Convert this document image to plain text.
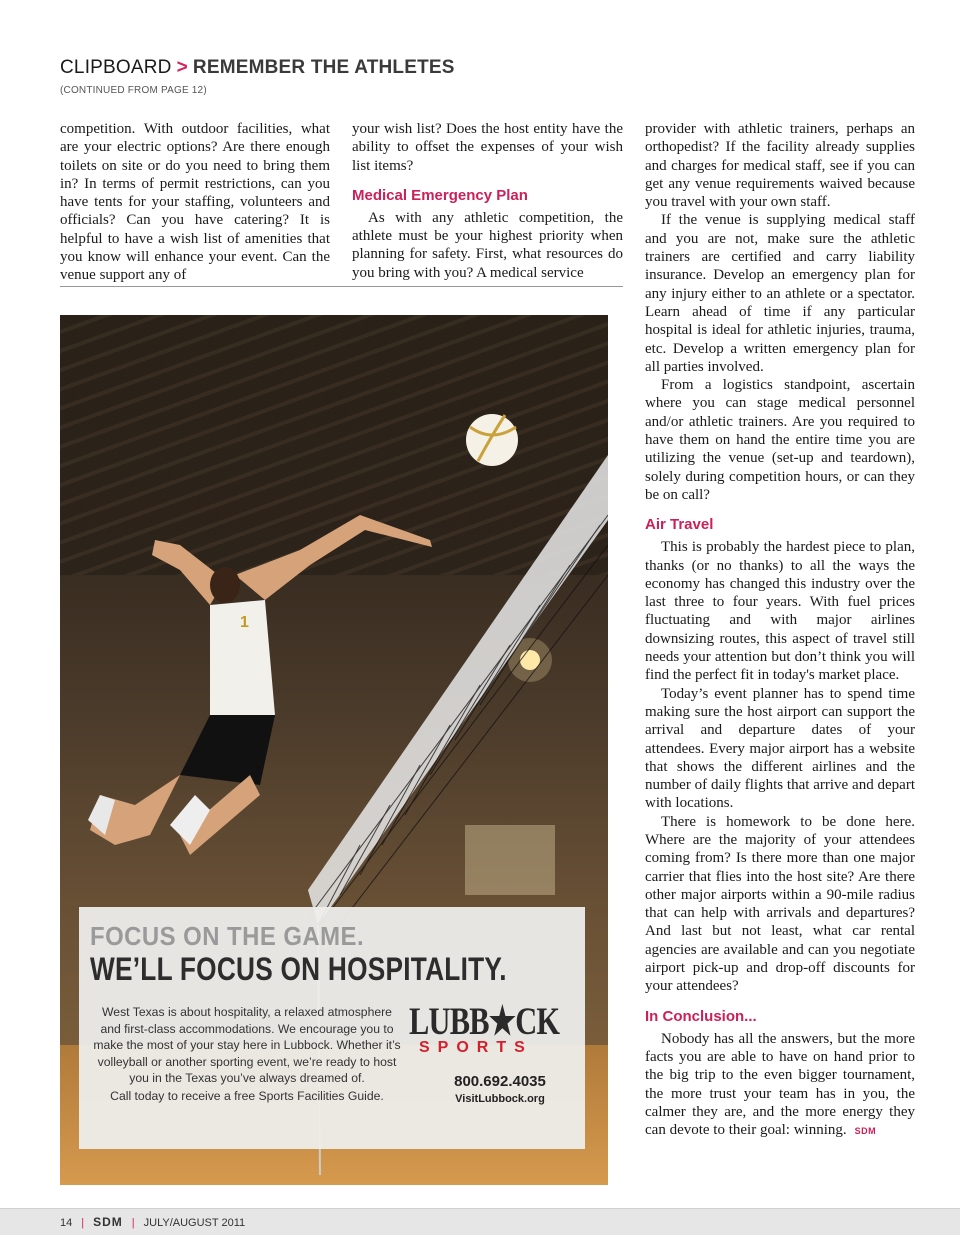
CLIPBOARD > REMEMBER THE ATHLETES
(CONTINUED FROM PAGE 12)

competition. With outdoor facilities, what are your electric options? Are there enough toilets on site or do you need to bring them in? In terms of permit restrictions, can you have tents for your staffing, volunteers and officials? Can you have catering? It is helpful to have a wish list of amenities that you know will enhance your event. Can the venue support any of

your wish list? Does the host entity have the ability to offset the expenses of your wish list items?

Medical Emergency Plan

As with any athletic competition, the athlete must be your highest priority when planning for safety. First, what resources do you bring with you? A medical service

provider with athletic trainers, perhaps an orthopedist? If the facility already supplies and charges for medical staff, see if you can get any venue requirements waived because you travel with your own staff.

If the venue is supplying medical staff and you are not, make sure the athletic trainers are certified and carry liability insurance. Develop an emergency plan for any injury either to an athlete or a spectator. Learn ahead of time if any particular hospital is ideal for athletic injuries, trauma, etc. Develop a written emergency plan for all parties involved.

From a logistics standpoint, ascertain where you can stage medical personnel and/or athletic trainers. Are you required to have them on hand the entire time you are utilizing the venue (set-up and teardown), solely during competition hours, or can they be on call?

Air Travel

This is probably the hardest piece to plan, thanks (or no thanks) to all the ways the economy has changed this industry over the last three to four years. With fuel prices fluctuating and with major airlines downsizing routes, this aspect of travel still needs your attention but don’t think you will find the perfect fit in today's market place.

Today’s event planner has to spend time making sure the host airport can support the arrival and departure dates of your attendees. Every major airport has a website that shows the different airlines and the number of daily flights that arrive and depart with locations.

There is homework to be done here. Where are the majority of your attendees coming from? Is there more than one major carrier that flies into the host site? Are there other major airports within a 90-mile radius that can help with arrivals and departures? And last but not least, what car rental agencies are available and can you negotiate airport pick-up and drop-off discounts for your attendees?

In Conclusion...

Nobody has all the answers, but the more facts you are able to have on hand prior to the big trip to the even bigger tournament, the more trust your team has in you, the calmer they are, and the more energy they can devote to their goal: winning. SDM

1
FOCUS ON THE GAME.
WE’LL FOCUS ON HOSPITALITY.
West Texas is about hospitality, a relaxed atmosphere and first-class accommodations. We encourage you to make the most of your stay here in Lubbock. Whether it’s volleyball or another sporting event, we’re ready to host you in the Texas you’ve always dreamed of.
Call today to receive a free Sports Facilities Guide.
LUBB★CK
SPORTS
800.692.4035
VisitLubbock.org
14 | SDM | JULY/AUGUST 2011
